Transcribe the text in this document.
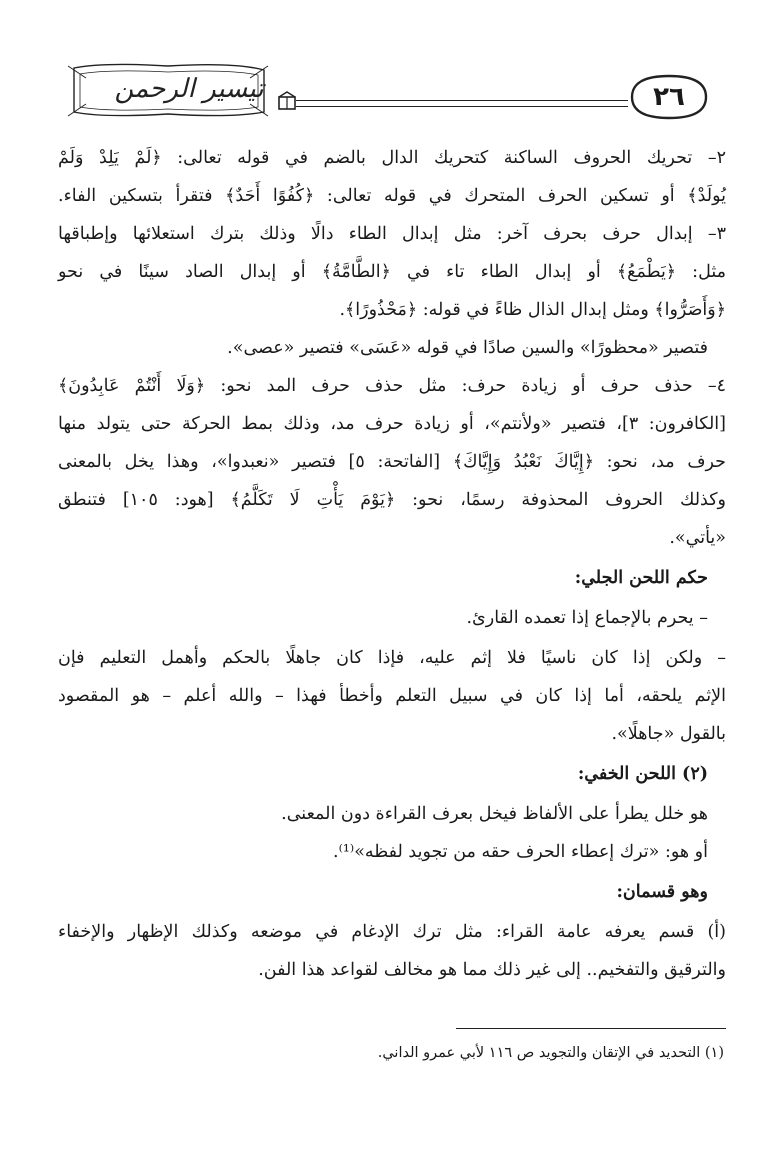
تيسير الرحمن	٢٦
٢– تحريك الحروف الساكنة كتحريك الدال بالضم في قوله تعالى: ﴿لَمْ يَلِدْ وَلَمْ
يُولَدْ﴾ أو تسكين الحرف المتحرك في قوله تعالى: ﴿كُفُوًا أَحَدٌ﴾ فتقرأ بتسكين الفاء.
٣– إبدال حرف بحرف آخر: مثل إبدال الطاء دالًا وذلك بترك استعلائها وإطباقها
مثل: ﴿يَطْمَعُ﴾ أو إبدال الطاء تاء في ﴿الطَّامَّةُ﴾ أو إبدال الصاد سينًا في نحو
﴿وَأَصَرُّوا﴾ ومثل إبدال الذال ظاءً في قوله: ﴿مَحْذُورًا﴾.
فتصير «محظورًا» والسين صادًا في قوله «عَسَى» فتصير «عصى».
٤– حذف حرف أو زيادة حرف: مثل حذف حرف المد نحو: ﴿وَلَا أَنْتُمْ عَابِدُونَ﴾
[الكافرون: ٣]، فتصير «ولأنتم»، أو زيادة حرف مد، وذلك بمط الحركة حتى يتولد منها
حرف مد، نحو: ﴿إِيَّاكَ نَعْبُدُ وَإِيَّاكَ﴾ [الفاتحة: ٥] فتصير «نعبدوا»، وهذا يخل بالمعنى
وكذلك الحروف المحذوفة رسمًا، نحو: ﴿يَوْمَ يَأْتِ لَا تَكَلَّمُ﴾ [هود: ١٠٥] فتنطق
«يأتي».
حكم اللحن الجلي:
– يحرم بالإجماع إذا تعمده القارئ.
– ولكن إذا كان ناسيًا فلا إثم عليه، فإذا كان جاهلًا بالحكم وأهمل التعليم فإن
الإثم يلحقه، أما إذا كان في سبيل التعلم وأخطأ فهذا – والله أعلم – هو المقصود
بالقول «جاهلًا».
(٢) اللحن الخفي:
هو خلل يطرأ على الألفاظ فيخل بعرف القراءة دون المعنى.
أو هو: «ترك إعطاء الحرف حقه من تجويد لفظه»⁽¹⁾.
وهو قسمان:
(أ) قسم يعرفه عامة القراء: مثل ترك الإدغام في موضعه وكذلك الإظهار والإخفاء
والترقيق والتفخيم.. إلى غير ذلك مما هو مخالف لقواعد هذا الفن.
(١) التحديد في الإتقان والتجويد ص ١١٦ لأبي عمرو الداني.
